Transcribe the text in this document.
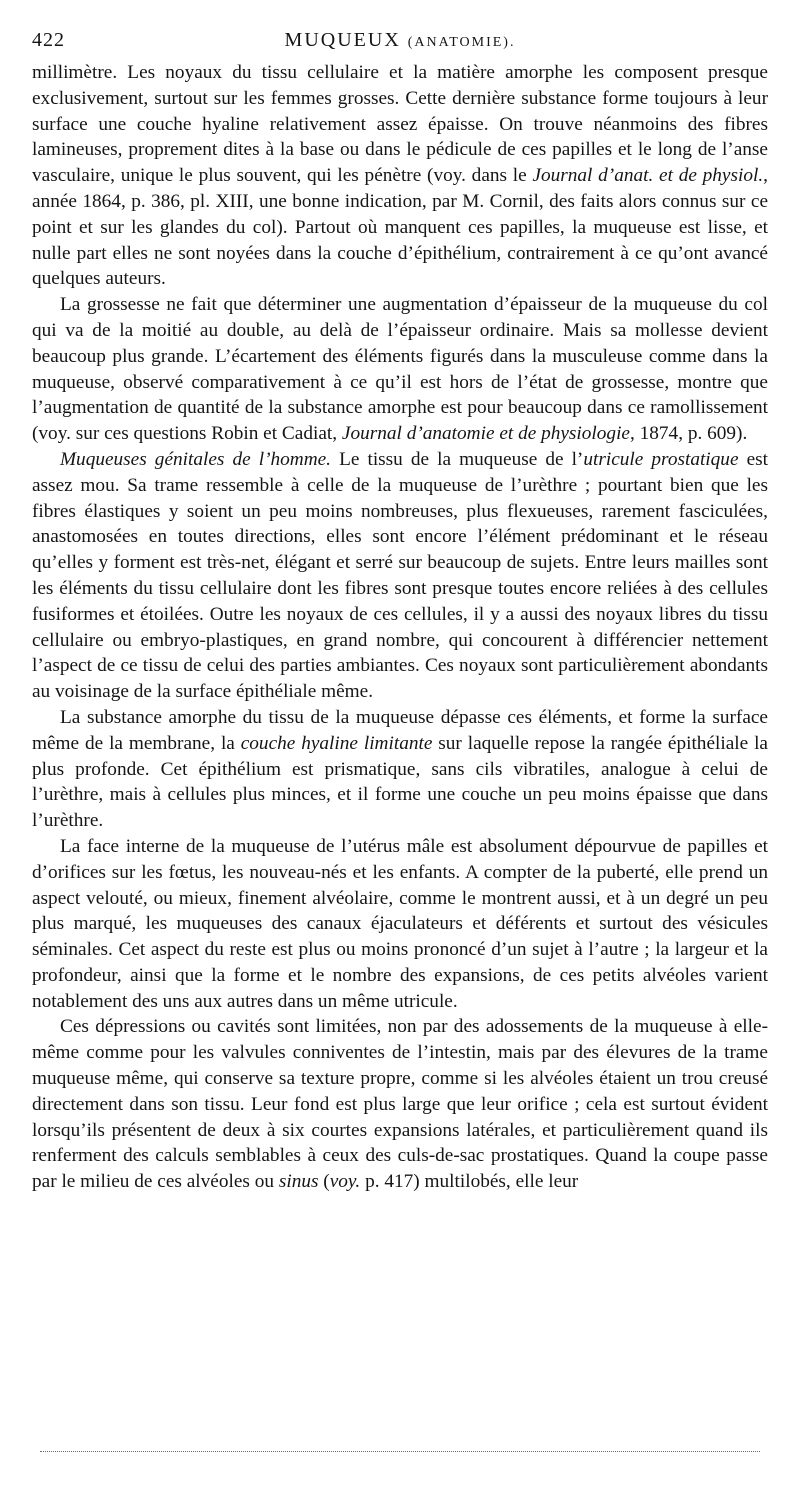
422	MUQUEUX (ANATOMIE).

millimètre. Les noyaux du tissu cellulaire et la matière amorphe les composent presque exclusivement, surtout sur les femmes grosses. Cette dernière substance forme toujours à leur surface une couche hyaline relativement assez épaisse. On trouve néanmoins des fibres lamineuses, proprement dites à la base ou dans le pédicule de ces papilles et le long de l’anse vasculaire, unique le plus souvent, qui les pénètre (voy. dans le Journal d’anat. et de physiol., année 1864, p. 386, pl. XIII, une bonne indication, par M. Cornil, des faits alors connus sur ce point et sur les glandes du col). Partout où manquent ces papilles, la muqueuse est lisse, et nulle part elles ne sont noyées dans la couche d’épithélium, contrairement à ce qu’ont avancé quelques auteurs.

La grossesse ne fait que déterminer une augmentation d’épaisseur de la muqueuse du col qui va de la moitié au double, au delà de l’épaisseur ordinaire. Mais sa mollesse devient beaucoup plus grande. L’écartement des éléments figurés dans la musculeuse comme dans la muqueuse, observé comparativement à ce qu’il est hors de l’état de grossesse, montre que l’augmentation de quantité de la substance amorphe est pour beaucoup dans ce ramollissement (voy. sur ces questions Robin et Cadiat, Journal d’anatomie et de physiologie, 1874, p. 609).

Muqueuses génitales de l’homme. Le tissu de la muqueuse de l’utricule prostatique est assez mou. Sa trame ressemble à celle de la muqueuse de l’urèthre ; pourtant bien que les fibres élastiques y soient un peu moins nombreuses, plus flexueuses, rarement fasciculées, anastomosées en toutes directions, elles sont encore l’élément prédominant et le réseau qu’elles y forment est très-net, élégant et serré sur beaucoup de sujets. Entre leurs mailles sont les éléments du tissu cellulaire dont les fibres sont presque toutes encore reliées à des cellules fusiformes et étoilées. Outre les noyaux de ces cellules, il y a aussi des noyaux libres du tissu cellulaire ou embryo-plastiques, en grand nombre, qui concourent à différencier nettement l’aspect de ce tissu de celui des parties ambiantes. Ces noyaux sont particulièrement abondants au voisinage de la surface épithéliale même.

La substance amorphe du tissu de la muqueuse dépasse ces éléments, et forme la surface même de la membrane, la couche hyaline limitante sur laquelle repose la rangée épithéliale la plus profonde. Cet épithélium est prismatique, sans cils vibratiles, analogue à celui de l’urèthre, mais à cellules plus minces, et il forme une couche un peu moins épaisse que dans l’urèthre.

La face interne de la muqueuse de l’utérus mâle est absolument dépourvue de papilles et d’orifices sur les fœtus, les nouveau-nés et les enfants. A compter de la puberté, elle prend un aspect velouté, ou mieux, finement alvéolaire, comme le montrent aussi, et à un degré un peu plus marqué, les muqueuses des canaux éjaculateurs et déférents et surtout des vésicules séminales. Cet aspect du reste est plus ou moins prononcé d’un sujet à l’autre ; la largeur et la profondeur, ainsi que la forme et le nombre des expansions, de ces petits alvéoles varient notablement des uns aux autres dans un même utricule.

Ces dépressions ou cavités sont limitées, non par des adossements de la muqueuse à elle-même comme pour les valvules conniventes de l’intestin, mais par des élevures de la trame muqueuse même, qui conserve sa texture propre, comme si les alvéoles étaient un trou creusé directement dans son tissu. Leur fond est plus large que leur orifice ; cela est surtout évident lorsqu’ils présentent de deux à six courtes expansions latérales, et particulièrement quand ils renferment des calculs semblables à ceux des culs-de-sac prostatiques. Quand la coupe passe par le milieu de ces alvéoles ou sinus (voy. p. 417) multilobés, elle leur
